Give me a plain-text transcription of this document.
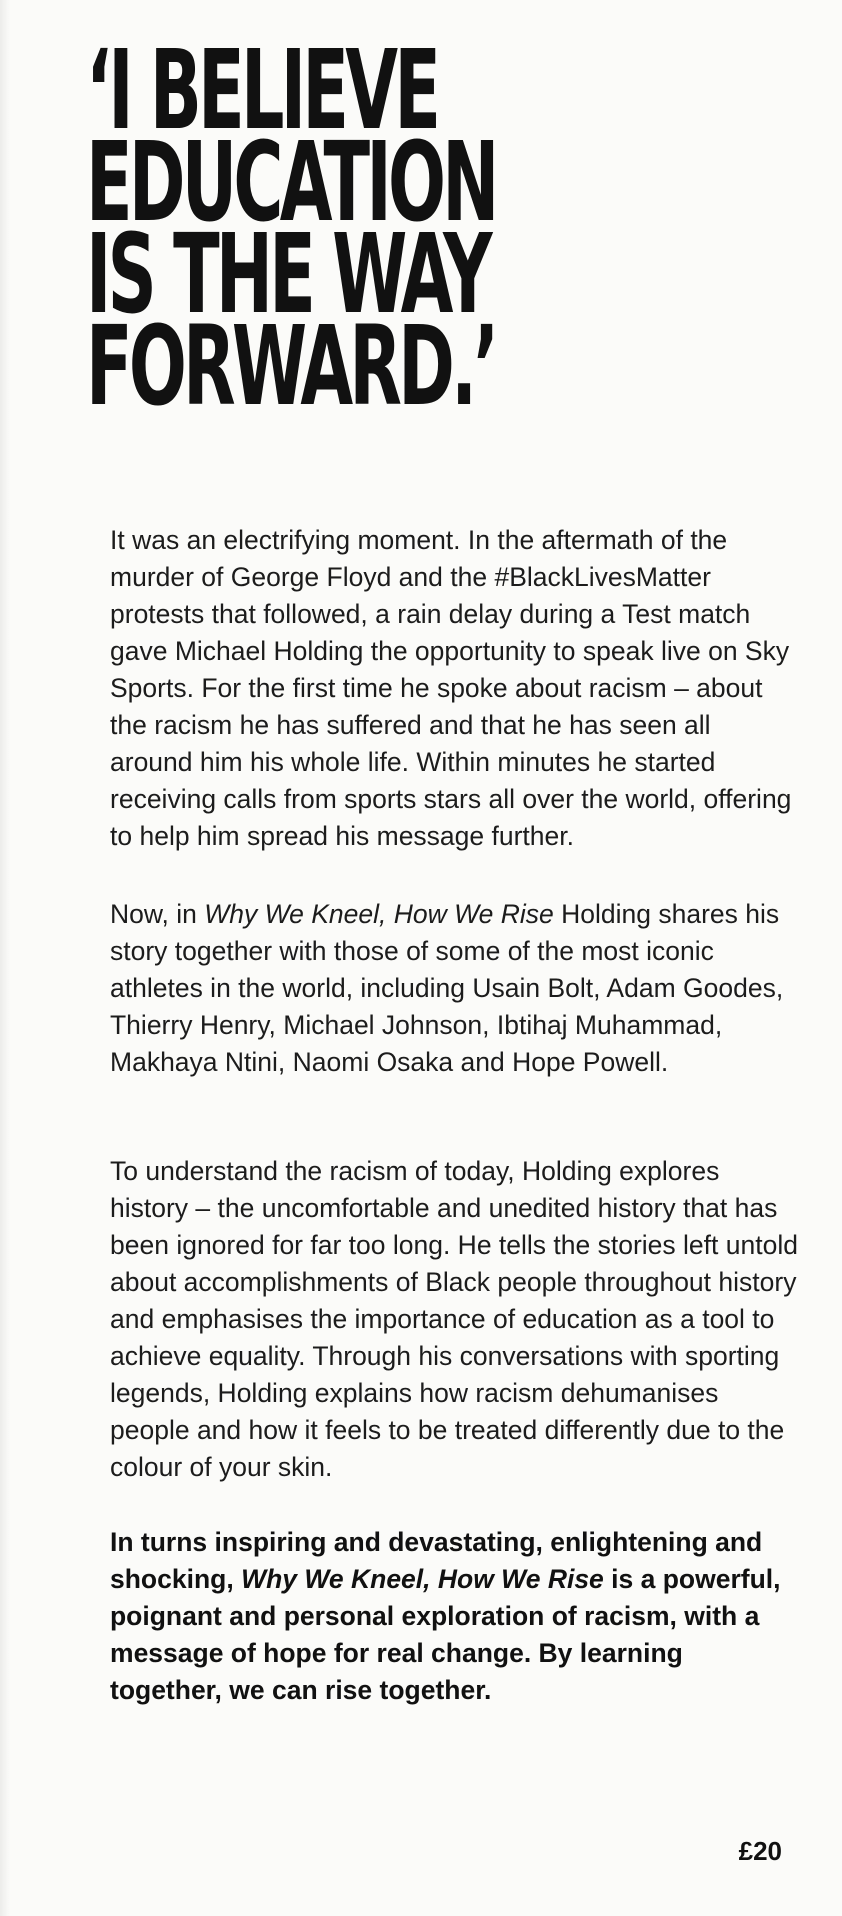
‘I BELIEVE
EDUCATION
IS THE WAY
FORWARD.’

It was an electrifying moment. In the aftermath of the murder of George Floyd and the #BlackLivesMatter protests that followed, a rain delay during a Test match gave Michael Holding the opportunity to speak live on Sky Sports. For the first time he spoke about racism – about the racism he has suffered and that he has seen all around him his whole life. Within minutes he started receiving calls from sports stars all over the world, offering to help him spread his message further.

Now, in Why We Kneel, How We Rise Holding shares his story together with those of some of the most iconic athletes in the world, including Usain Bolt, Adam Goodes, Thierry Henry, Michael Johnson, Ibtihaj Muhammad, Makhaya Ntini, Naomi Osaka and Hope Powell.

To understand the racism of today, Holding explores history – the uncomfortable and unedited history that has been ignored for far too long. He tells the stories left untold about accomplishments of Black people throughout history and emphasises the importance of education as a tool to achieve equality. Through his conversations with sporting legends, Holding explains how racism dehumanises people and how it feels to be treated differently due to the colour of your skin.

In turns inspiring and devastating, enlightening and shocking, Why We Kneel, How We Rise is a powerful, poignant and personal exploration of racism, with a message of hope for real change. By learning together, we can rise together.

£20
